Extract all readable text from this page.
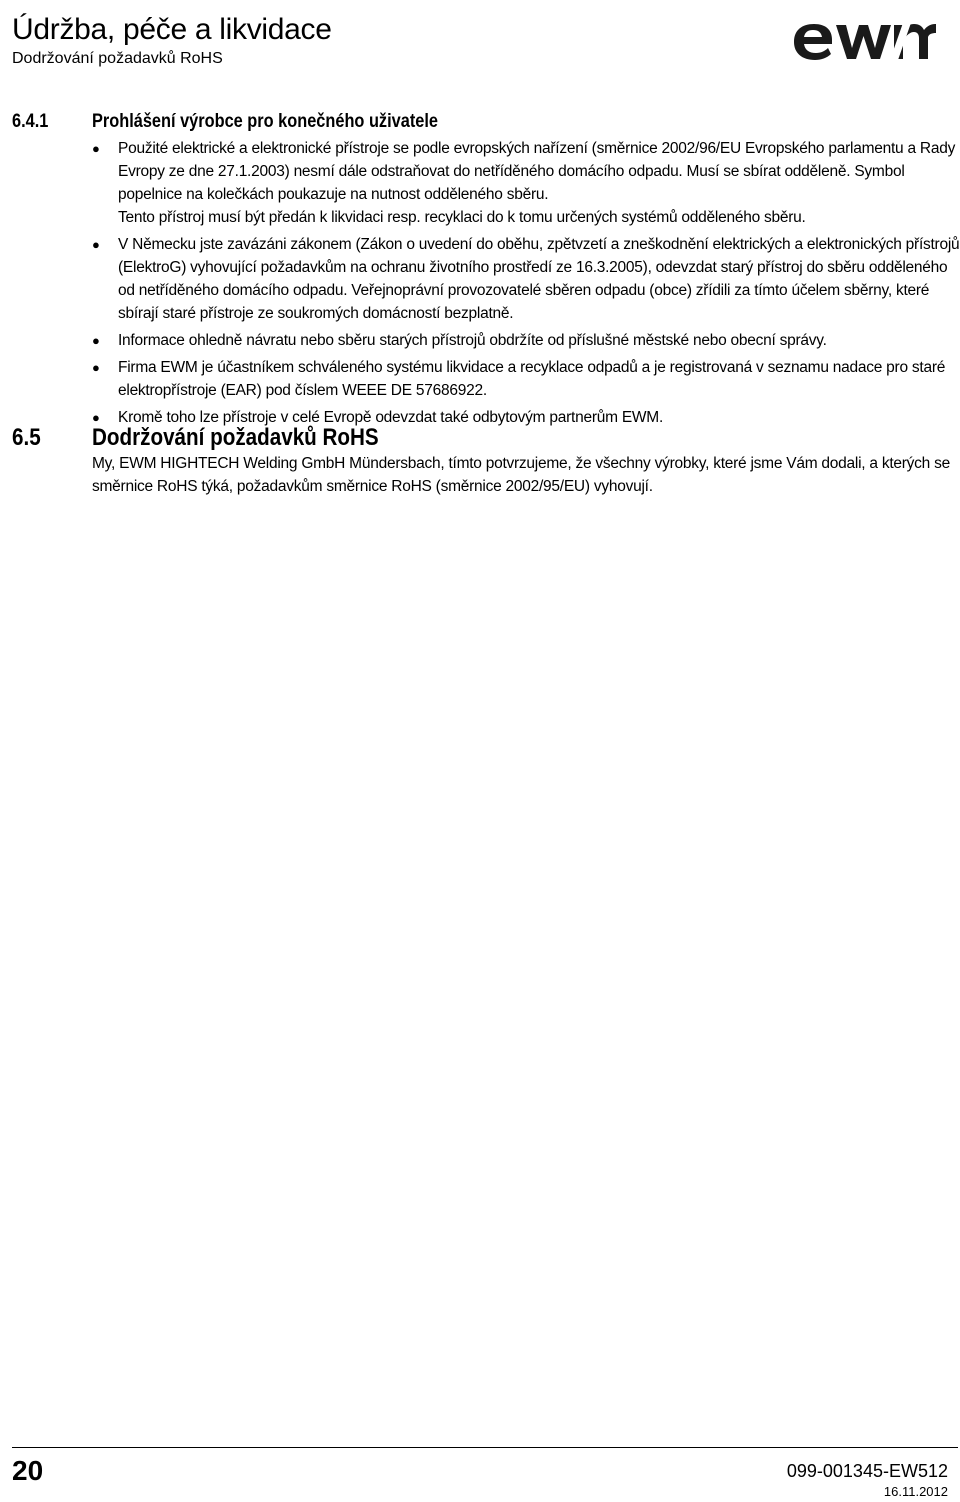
Údržba, péče a likvidace
Dodržování požadavků RoHS
6.4.1 Prohlášení výrobce pro konečného uživatele
● Použité elektrické a elektronické přístroje se podle evropských nařízení (směrnice 2002/96/EU Evropského parlamentu a Rady Evropy ze dne 27.1.2003) nesmí dále odstraňovat do netříděného domácího odpadu. Musí se sbírat odděleně. Symbol popelnice na kolečkách poukazuje na nutnost odděleného sběru.

Tento přístroj musí být předán k likvidaci resp. recyklaci do k tomu určených systémů odděleného sběru.

● V Německu jste zavázáni zákonem (Zákon o uvedení do oběhu, zpětvzetí a zneškodnění elektrických a elektronických přístrojů (ElektroG) vyhovující požadavkům na ochranu životního prostředí ze 16.3.2005), odevzdat starý přístroj do sběru odděleného od netříděného domácího odpadu. Veřejnoprávní provozovatelé sběren odpadu (obce) zřídili za tímto účelem sběrny, které sbírají staré přístroje ze soukromých domácností bezplatně.

● Informace ohledně návratu nebo sběru starých přístrojů obdržíte od příslušné městské nebo obecní správy.

● Firma EWM je účastníkem schváleného systému likvidace a recyklace odpadů a je registrovaná v seznamu nadace pro staré elektropřístroje (EAR) pod číslem WEEE DE 57686922.

● Kromě toho lze přístroje v celé Evropě odevzdat také odbytovým partnerům EWM.

6.5 Dodržování požadavků RoHS
My, EWM HIGHTECH Welding GmbH Mündersbach, tímto potvrzujeme, že všechny výrobky, které jsme Vám dodali, a kterých se směrnice RoHS týká, požadavkům směrnice RoHS (směrnice 2002/95/EU) vyhovují.
20	099-001345-EW512
16.11.2012
